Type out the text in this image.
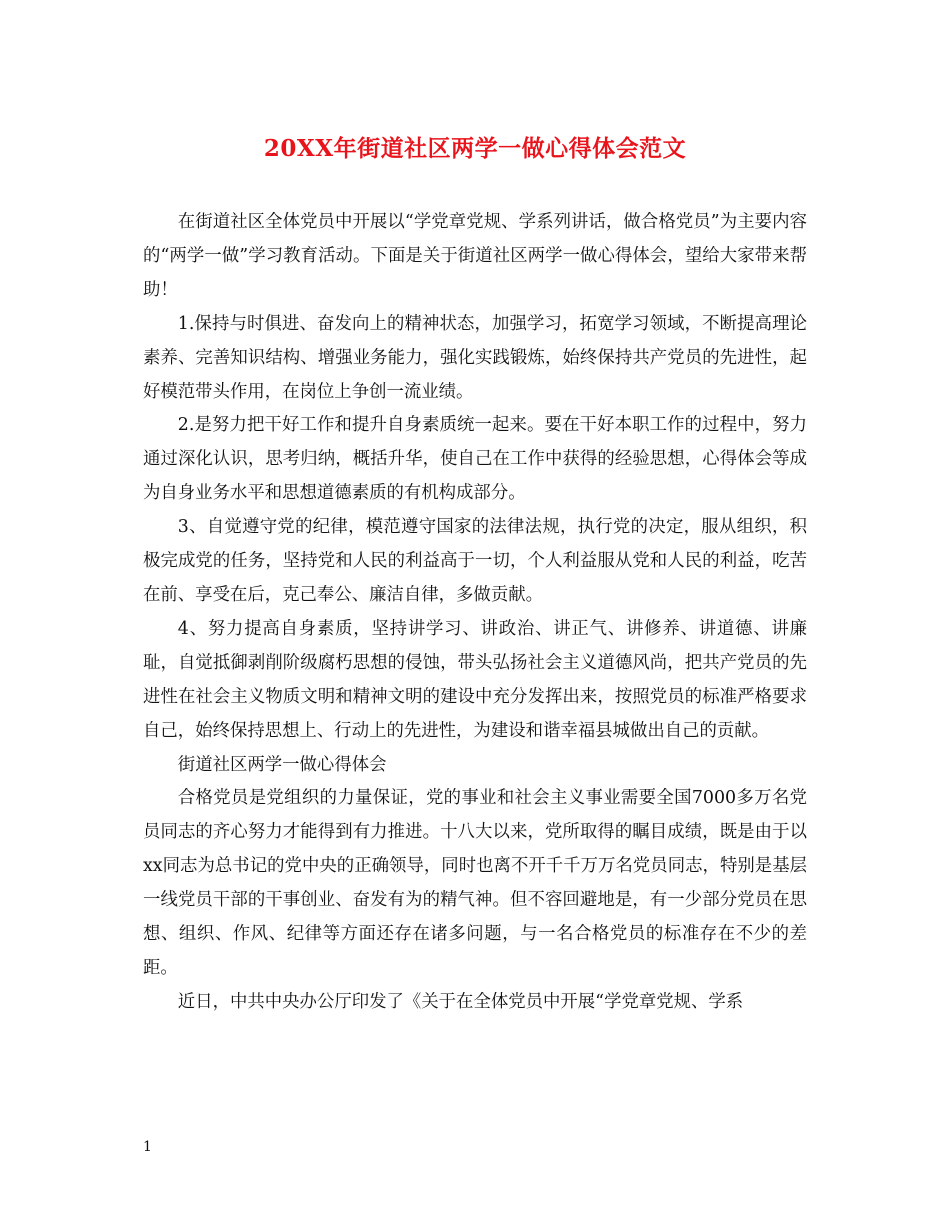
20XX年街道社区两学一做心得体会范文

在街道社区全体党员中开展以“学党章党规、学系列讲话，做合格党员”为主要内容的“两学一做”学习教育活动。下面是关于街道社区两学一做心得体会，望给大家带来帮助！

1.保持与时俱进、奋发向上的精神状态，加强学习，拓宽学习领域，不断提高理论素养、完善知识结构、增强业务能力，强化实践锻炼，始终保持共产党员的先进性，起好模范带头作用，在岗位上争创一流业绩。

2.是努力把干好工作和提升自身素质统一起来。要在干好本职工作的过程中，努力通过深化认识，思考归纳，概括升华，使自己在工作中获得的经验思想，心得体会等成为自身业务水平和思想道德素质的有机构成部分。

3、自觉遵守党的纪律，模范遵守国家的法律法规，执行党的决定，服从组织，积极完成党的任务，坚持党和人民的利益高于一切，个人利益服从党和人民的利益，吃苦在前、享受在后，克己奉公、廉洁自律，多做贡献。

4、努力提高自身素质，坚持讲学习、讲政治、讲正气、讲修养、讲道德、讲廉耻，自觉抵御剥削阶级腐朽思想的侵蚀，带头弘扬社会主义道德风尚，把共产党员的先进性在社会主义物质文明和精神文明的建设中充分发挥出来，按照党员的标准严格要求自己，始终保持思想上、行动上的先进性，为建设和谐幸福县城做出自己的贡献。

街道社区两学一做心得体会

合格党员是党组织的力量保证，党的事业和社会主义事业需要全国7000多万名党员同志的齐心努力才能得到有力推进。十八大以来，党所取得的瞩目成绩，既是由于以xx同志为总书记的党中央的正确领导，同时也离不开千千万万名党员同志，特别是基层一线党员干部的干事创业、奋发有为的精气神。但不容回避地是，有一少部分党员在思想、组织、作风、纪律等方面还存在诸多问题，与一名合格党员的标准存在不少的差距。

近日，中共中央办公厅印发了《关于在全体党员中开展“学党章党规、学系

1
